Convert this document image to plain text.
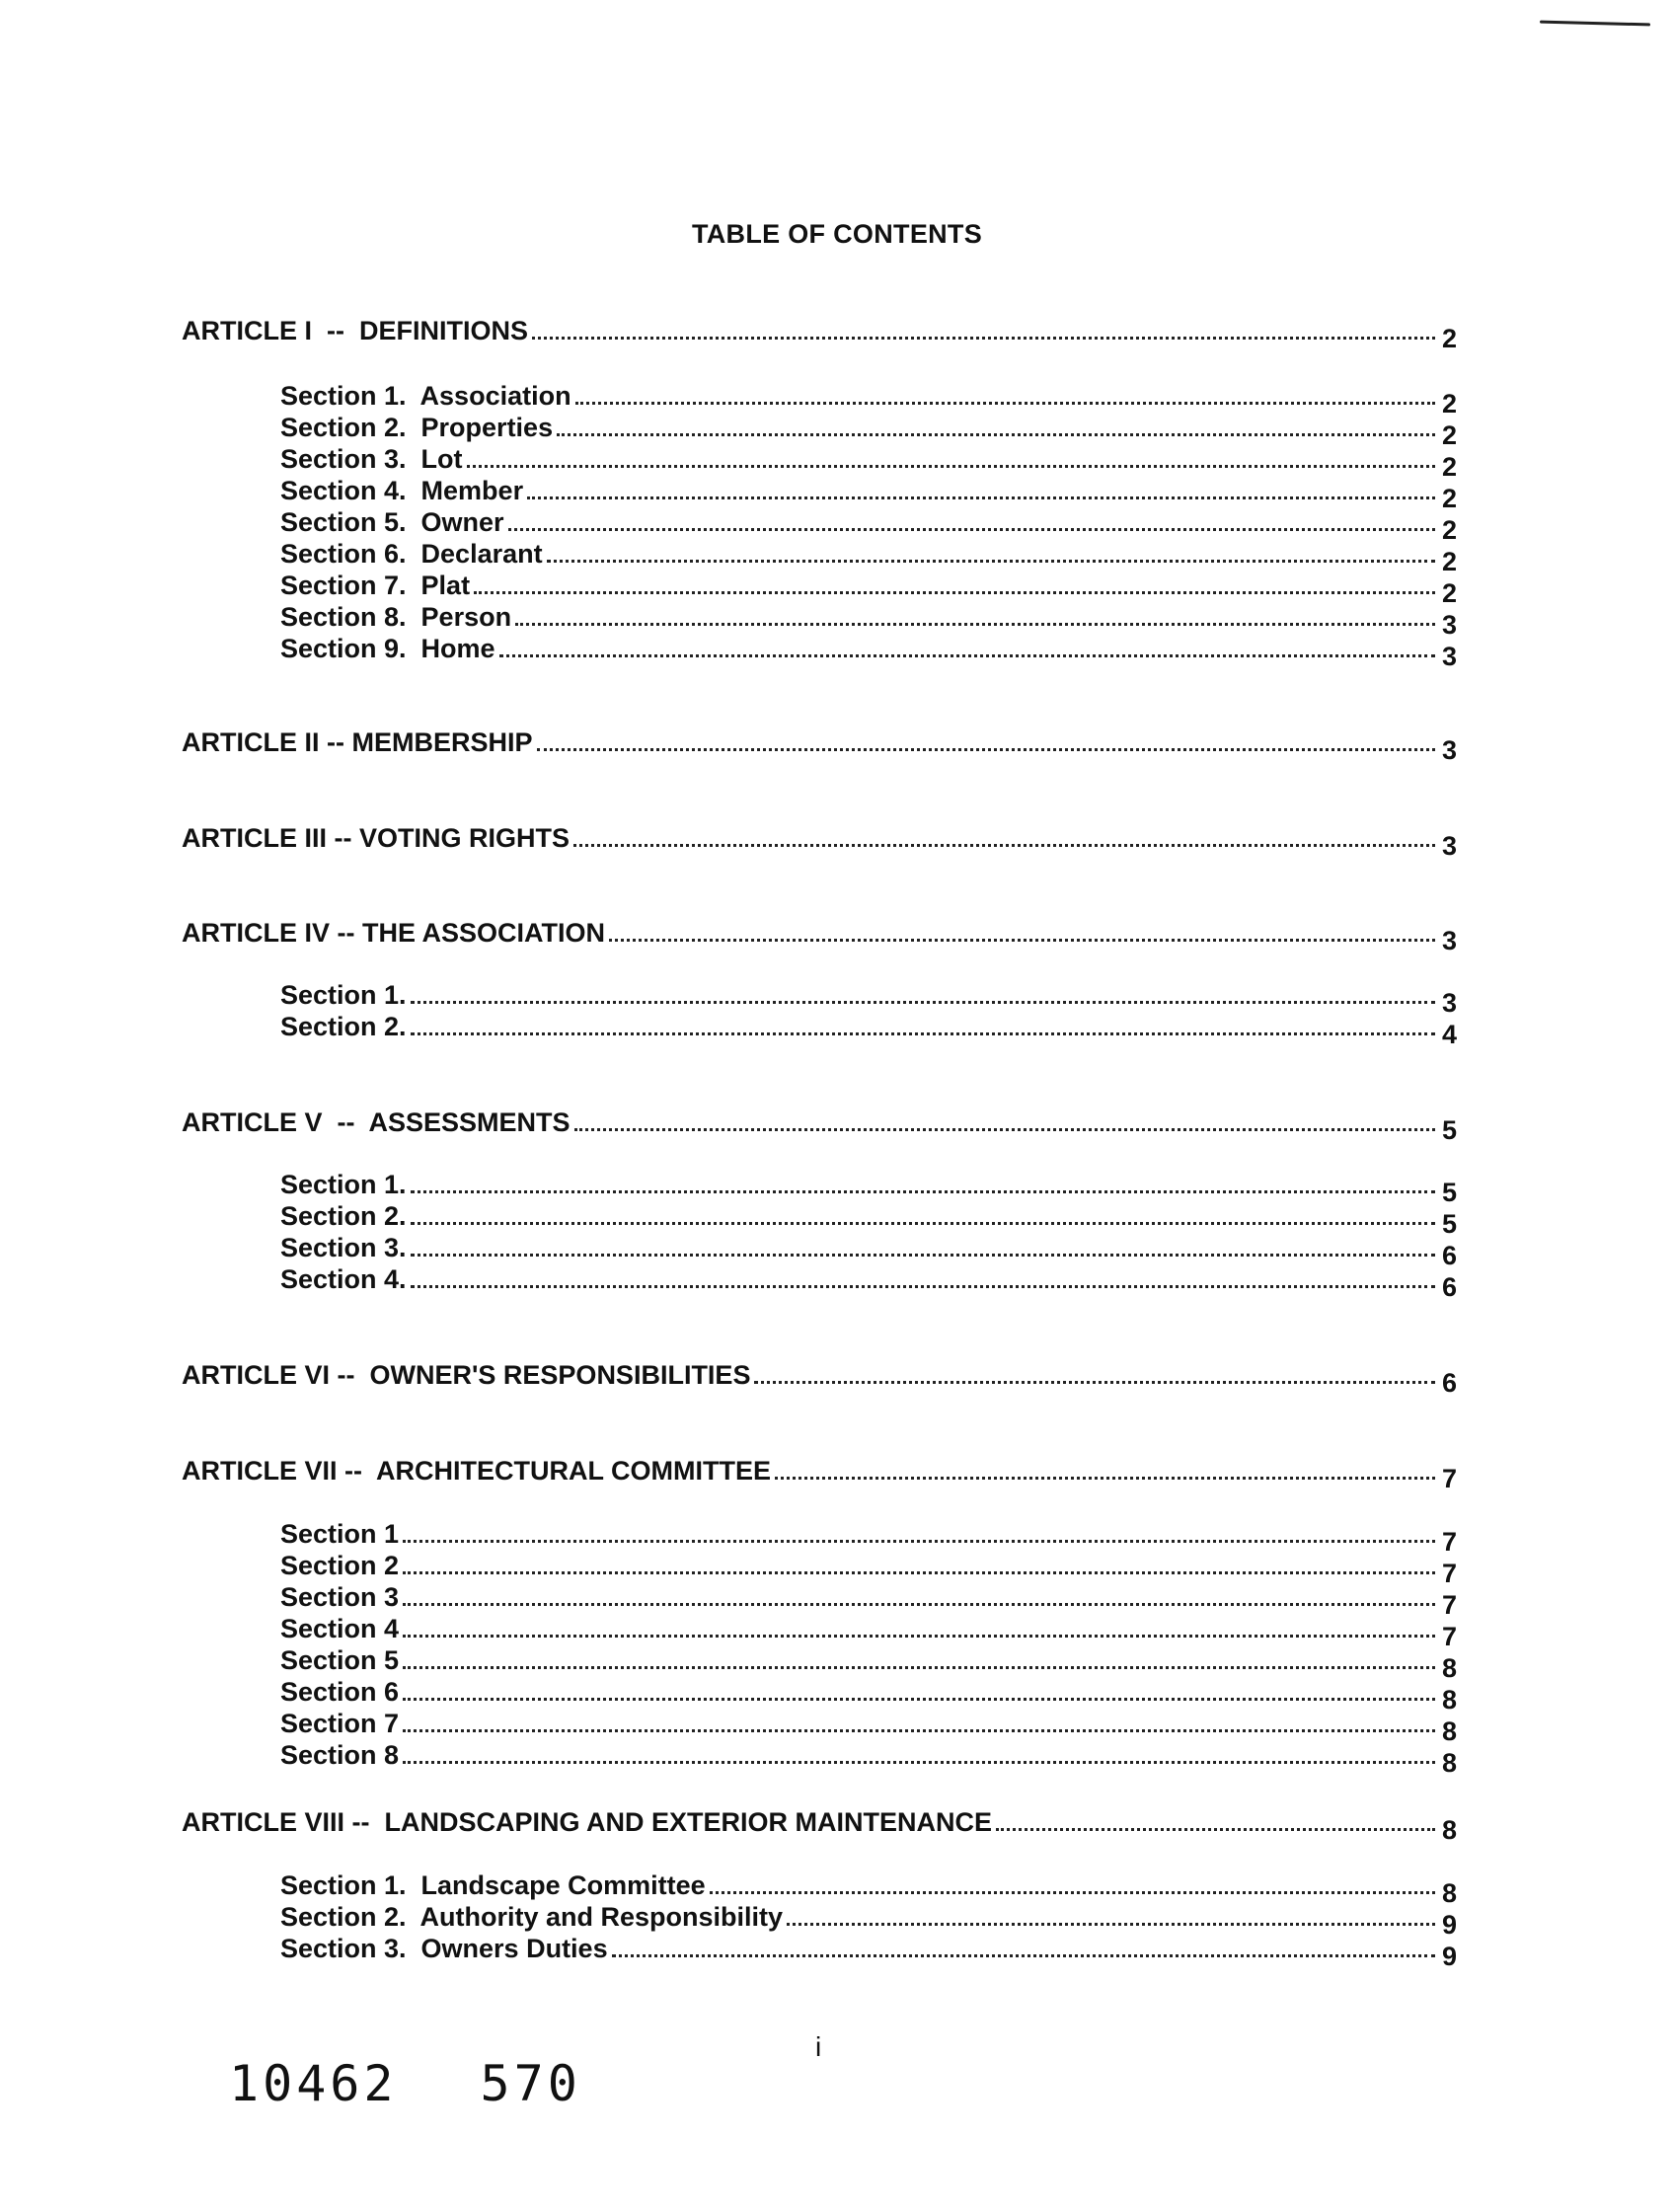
TABLE OF CONTENTS
ARTICLE I  --  DEFINITIONS	2
Section 1.  Association	2
Section 2.  Properties	2
Section 3.  Lot	2
Section 4.  Member	2
Section 5.  Owner	2
Section 6.  Declarant	2
Section 7.  Plat	2
Section 8.  Person	3
Section 9.  Home	3
ARTICLE II -- MEMBERSHIP	3
ARTICLE III -- VOTING RIGHTS	3
ARTICLE IV -- THE ASSOCIATION	3
Section 1.	3
Section 2.	4
ARTICLE V  --  ASSESSMENTS	5
Section 1.	5
Section 2.	5
Section 3.	6
Section 4.	6
ARTICLE VI --  OWNER'S RESPONSIBILITIES	6
ARTICLE VII --  ARCHITECTURAL COMMITTEE	7
Section 1	7
Section 2	7
Section 3	7
Section 4	7
Section 5	8
Section 6	8
Section 7	8
Section 8	8
ARTICLE VIII --  LANDSCAPING AND EXTERIOR MAINTENANCE	8
Section 1.  Landscape Committee	8
Section 2.  Authority and Responsibility	9
Section 3.  Owners Duties	9
i
10462 570
